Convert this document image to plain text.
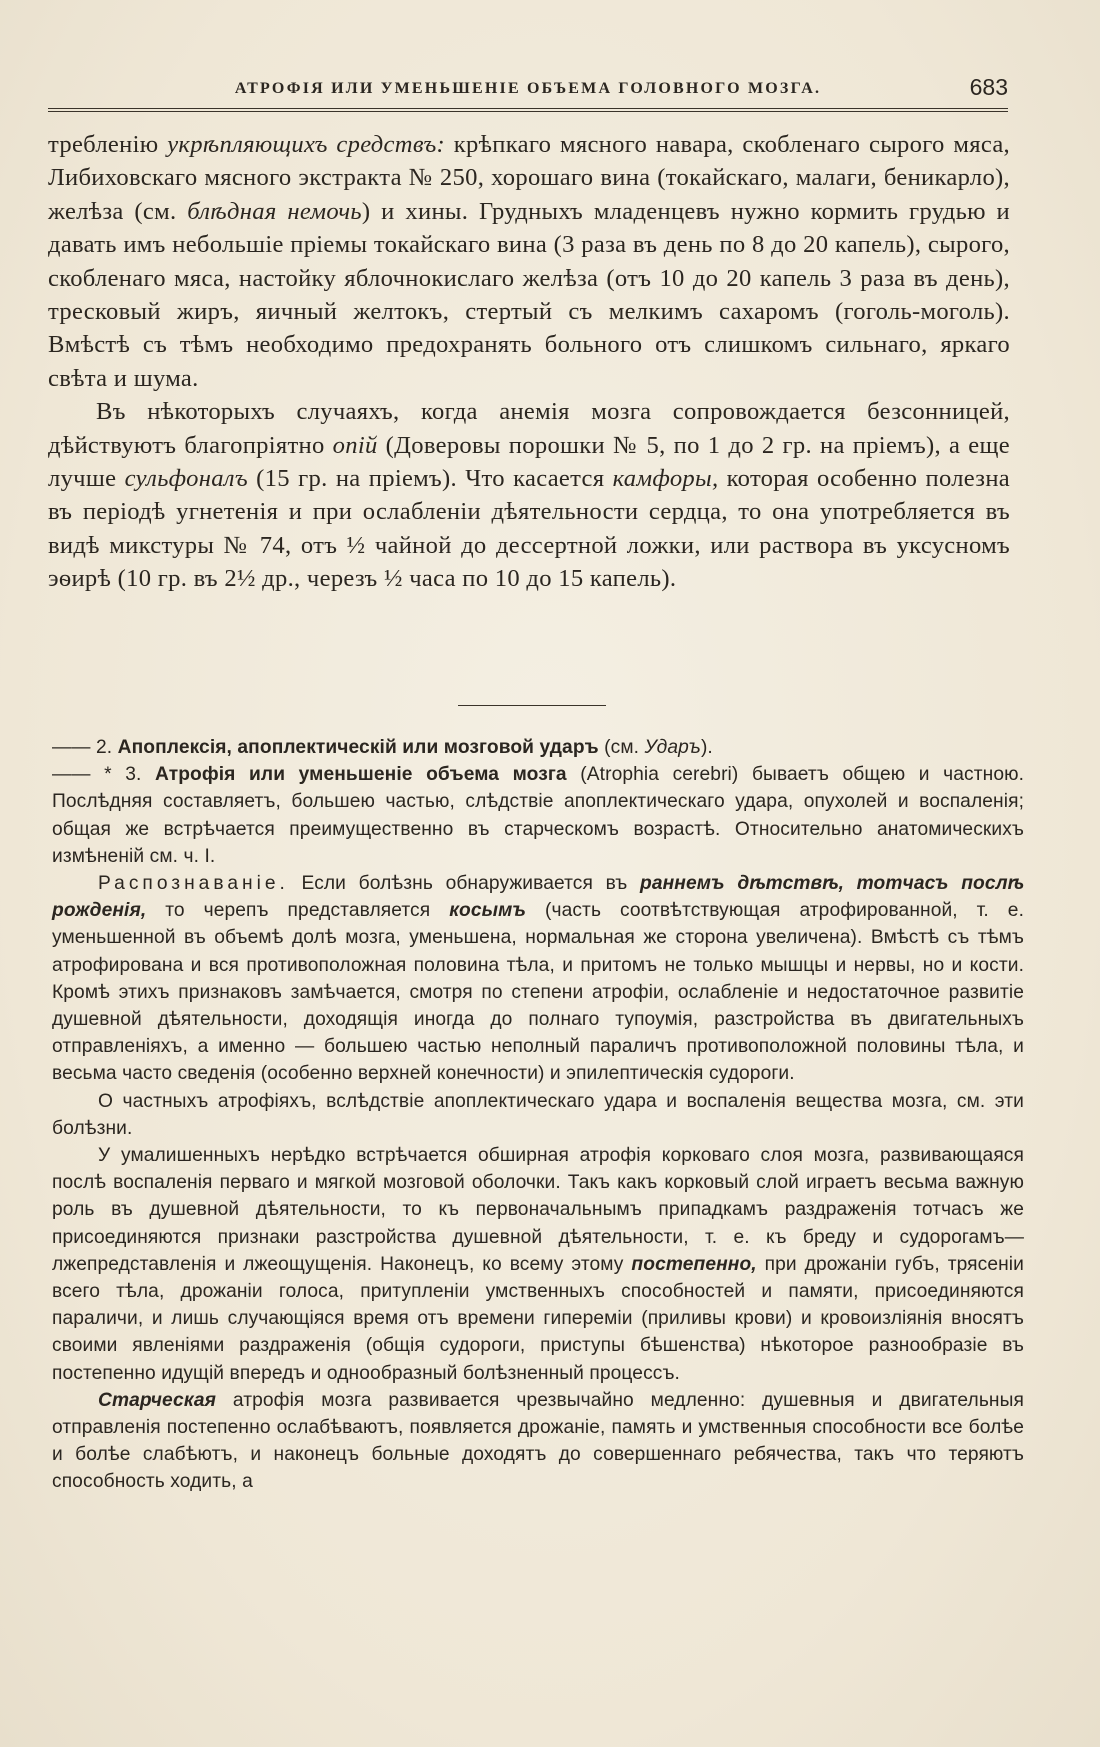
АТРОФІЯ ИЛИ УМЕНЬШЕНІЕ ОБЪЕМА ГОЛОВНОГО МОЗГА.	683

требленію укрѣпляющихъ средствъ: крѣпкаго мясного навара, скобленаго сырого мяса, Либиховскаго мясного экстракта № 250, хорошаго вина (токайскаго, малаги, беникарло), желѣза (см. блѣдная немочь) и хины. Грудныхъ младенцевъ нужно кормить грудью и давать имъ небольшіе пріемы токайскаго вина (3 раза въ день по 8 до 20 капель), сырого, скобленаго мяса, настойку яблочнокислаго желѣза (отъ 10 до 20 капель 3 раза въ день), тресковый жиръ, яичный желтокъ, стертый съ мелкимъ сахаромъ (гоголь-моголь). Вмѣстѣ съ тѣмъ необходимо предохранять больного отъ слишкомъ сильнаго, яркаго свѣта и шума.

Въ нѣкоторыхъ случаяхъ, когда анемія мозга сопровождается безсонницей, дѣйствуютъ благопріятно опій (Доверовы порошки № 5, по 1 до 2 гр. на пріемъ), а еще лучше сульфоналъ (15 гр. на пріемъ). Что касается камфоры, которая особенно полезна въ періодѣ угнетенія и при ослабленіи дѣятельности сердца, то она употребляется въ видѣ микстуры № 74, отъ ½ чайной до дессертной ложки, или раствора въ уксусномъ эѳирѣ (10 гр. въ 2½ др., черезъ ½ часа по 10 до 15 капель).

—— 2. Апоплексія, апоплектическій или мозговой ударъ (см. Ударъ).

—— * 3. Атрофія или уменьшеніе объема мозга (Atrophia cerebri) бываетъ общею и частною. Послѣдняя составляетъ, большею частью, слѣдствіе апоплектическаго удара, опухолей и воспаленія; общая же встрѣчается преимущественно въ старческомъ возрастѣ. Относительно анатомическихъ измѣненій см. ч. I.

Распознаваніе. Если болѣзнь обнаруживается въ раннемъ дѣтствѣ, тотчасъ послѣ рожденія, то черепъ представляется косымъ (часть соотвѣтствующая атрофированной, т. е. уменьшенной въ объемѣ долѣ мозга, уменьшена, нормальная же сторона увеличена). Вмѣстѣ съ тѣмъ атрофирована и вся противоположная половина тѣла, и притомъ не только мышцы и нервы, но и кости. Кромѣ этихъ признаковъ замѣчается, смотря по степени атрофіи, ослабленіе и недостаточное развитіе душевной дѣятельности, доходящія иногда до полнаго тупоумія, разстройства въ двигательныхъ отправленіяхъ, а именно — большею частью неполный параличъ противоположной половины тѣла, и весьма часто сведенія (особенно верхней конечности) и эпилептическія судороги.

О частныхъ атрофіяхъ, вслѣдствіе апоплектическаго удара и воспаленія вещества мозга, см. эти болѣзни.

У умалишенныхъ нерѣдко встрѣчается обширная атрофія корковаго слоя мозга, развивающаяся послѣ воспаленія перваго и мягкой мозговой оболочки. Такъ какъ корковый слой играетъ весьма важную роль въ душевной дѣятельности, то къ первоначальнымъ припадкамъ раздраженія тотчасъ же присоединяются признаки разстройства душевной дѣятельности, т. е. къ бреду и судорогамъ—лжепредставленія и лжеощущенія. Наконецъ, ко всему этому постепенно, при дрожаніи губъ, трясеніи всего тѣла, дрожаніи голоса, притупленіи умственныхъ способностей и памяти, присоединяются параличи, и лишь случающіяся время отъ времени гипереміи (приливы крови) и кровоизліянія вносятъ своими явленіями раздраженія (общія судороги, приступы бѣшенства) нѣкоторое разнообразіе въ постепенно идущій впередъ и однообразный болѣзненный процессъ.

Старческая атрофія мозга развивается чрезвычайно медленно: душевныя и двигательныя отправленія постепенно ослабѣваютъ, появляется дрожаніе, память и умственныя способности все болѣе и болѣе слабѣютъ, и наконецъ больные доходятъ до совершеннаго ребячества, такъ что теряютъ способность ходить, а
